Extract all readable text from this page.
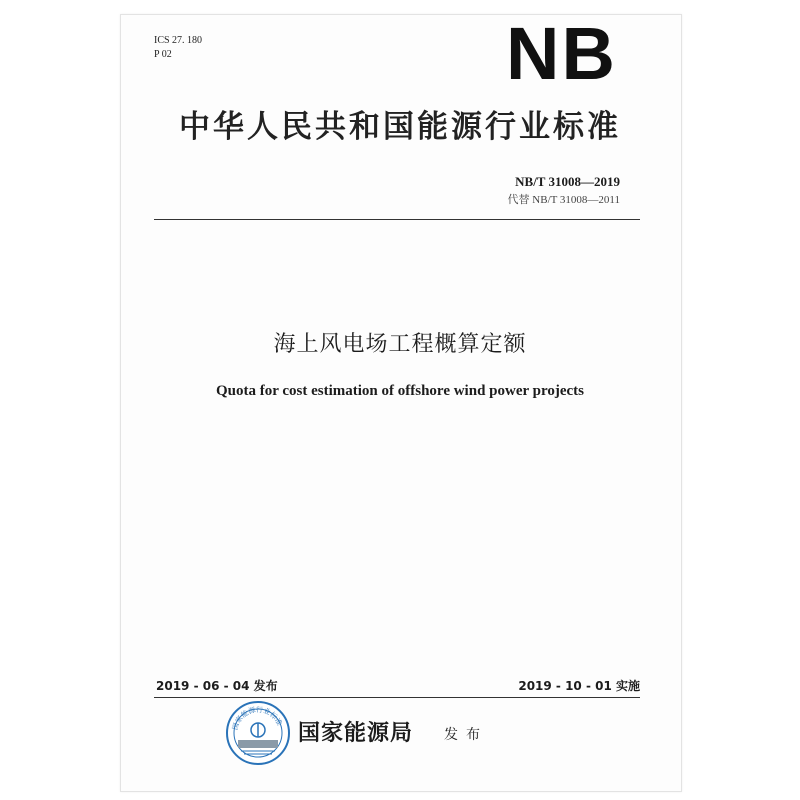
ICS 27. 180
P 02	NB
中华人民共和国能源行业标准
NB/T 31008—2019
代替 NB/T 31008—2011
海上风电场工程概算定额
Quota for cost estimation of offshore wind power projects
2019 - 06 - 04 发布	2019 - 10 - 01 实施
国家能源行业标准 国家能源局 发布
